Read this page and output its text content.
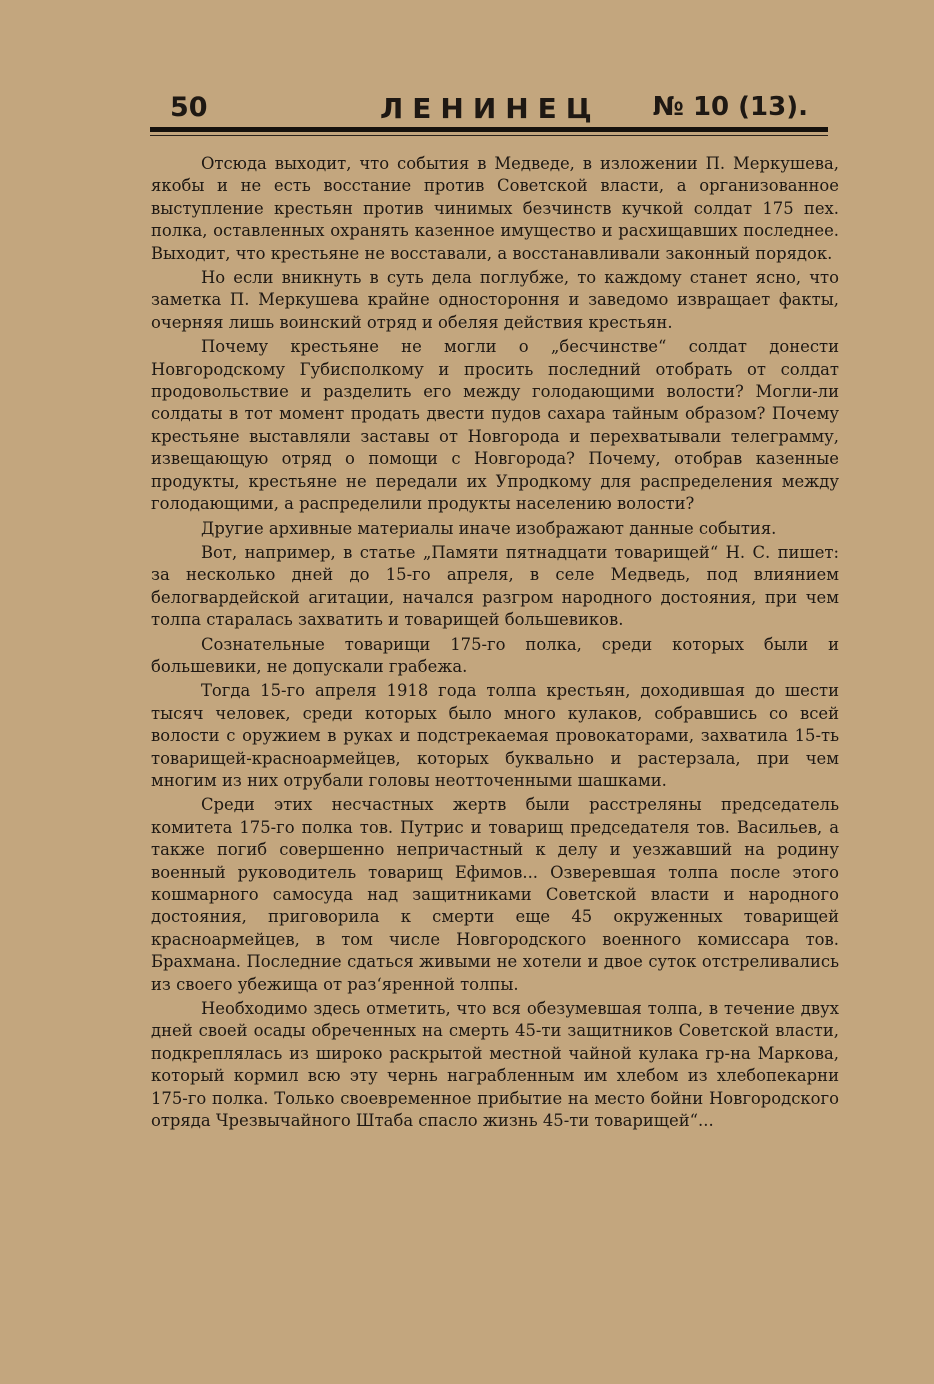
50	ЛЕНИНЕЦ № 10 (13).

Отсюда выходит, что события в Медведе, в изложении П. Меркушева, якобы и не есть восстание против Советской власти, а организованное выступление крестьян против чинимых безчинств кучкой солдат 175 пех. полка, оставленных охранять казенное имущество и расхищавших последнее. Выходит, что крестьяне не восставали, а восстанавливали законный порядок.

Но если вникнуть в суть дела поглубже, то каждому станет ясно, что заметка П. Меркушева крайне одностороння и заведомо извращает факты, очерняя лишь воинский отряд и обеляя действия крестьян.

Почему крестьяне не могли о „бесчинстве“ солдат донести Новгородскому Губисполкому и просить последний отобрать от солдат продовольствие и разделить его между голодающими волости? Могли-ли солдаты в тот момент продать двести пудов сахара тайным образом? Почему крестьяне выставляли заставы от Новгорода и перехватывали телеграмму, извещающую отряд о помощи с Новгорода? Почему, отобрав казенные продукты, крестьяне не передали их Упродкому для распределения между голодающими, а распределили продукты населению волости?

Другие архивные материалы иначе изображают данные события.

Вот, например, в статье „Памяти пятнадцати товарищей“ Н. С. пишет: за несколько дней до 15-го апреля, в селе Медведь, под влиянием белогвардейской агитации, начался разгром народного достояния, при чем толпа старалась захватить и товарищей большевиков.

Сознательные товарищи 175-го полка, среди которых были и большевики, не допускали грабежа.

Тогда 15-го апреля 1918 года толпа крестьян, доходившая до шести тысяч человек, среди которых было много кулаков, собравшись со всей волости с оружием в руках и подстрекаемая провокаторами, захватила 15-ть товарищей-красноармейцев, которых буквально и растерзала, при чем многим из них отрубали головы неотточенными шашками.

Среди этих несчастных жертв были расстреляны председатель комитета 175-го полка тов. Путрис и товарищ председателя тов. Васильев, а также погиб совершенно непричастный к делу и уезжавший на родину военный руководитель товарищ Ефимов... Озверевшая толпа после этого кошмарного самосуда над защитниками Советской власти и народного достояния, приговорила к смерти еще 45 окруженных товарищей красноармейцев, в том числе Новгородского военного комиссара тов. Брахмана. Последние сдаться живыми не хотели и двое суток отстреливались из своего убежища от раз‘яренной толпы.

Необходимо здесь отметить, что вся обезумевшая толпа, в течение двух дней своей осады обреченных на смерть 45-ти защитников Советской власти, подкреплялась из широко раскрытой местной чайной кулака гр-на Маркова, который кормил всю эту чернь награбленным им хлебом из хлебопекарни 175-го полка. Только своевременное прибытие на место бойни Новгородского отряда Чрезвычайного Штаба спасло жизнь 45-ти товарищей“...
